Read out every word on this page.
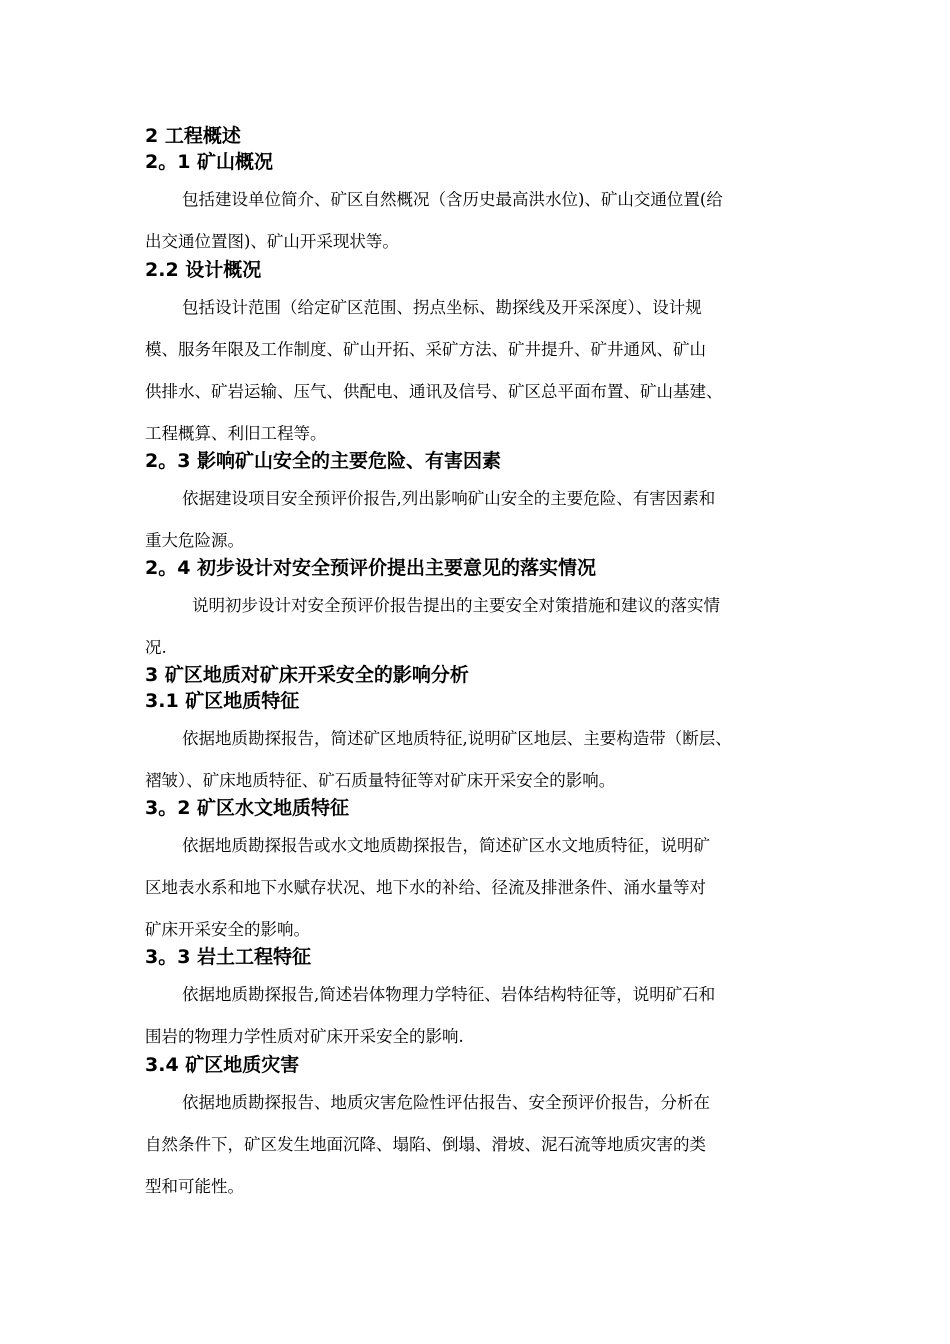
2 工程概述
2。1 矿山概况
包括建设单位简介、矿区自然概况（含历史最高洪水位)、矿山交通位置(给
出交通位置图)、矿山开采现状等。
2.2 设计概况
包括设计范围（给定矿区范围、拐点坐标、勘探线及开采深度）、设计规
模、服务年限及工作制度、矿山开拓、采矿方法、矿井提升、矿井通风、矿山
供排水、矿岩运输、压气、供配电、通讯及信号、矿区总平面布置、矿山基建、
工程概算、利旧工程等。
2。3 影响矿山安全的主要危险、有害因素
依据建设项目安全预评价报告,列出影响矿山安全的主要危险、有害因素和
重大危险源。
2。4 初步设计对安全预评价提出主要意见的落实情况
说明初步设计对安全预评价报告提出的主要安全对策措施和建议的落实情
况.
3 矿区地质对矿床开采安全的影响分析
3.1 矿区地质特征
依据地质勘探报告，简述矿区地质特征,说明矿区地层、主要构造带（断层、
褶皱）、矿床地质特征、矿石质量特征等对矿床开采安全的影响。
3。2 矿区水文地质特征
依据地质勘探报告或水文地质勘探报告，简述矿区水文地质特征，说明矿
区地表水系和地下水赋存状况、地下水的补给、径流及排泄条件、涌水量等对
矿床开采安全的影响。
3。3 岩土工程特征
依据地质勘探报告,简述岩体物理力学特征、岩体结构特征等，说明矿石和
围岩的物理力学性质对矿床开采安全的影响.
3.4 矿区地质灾害
依据地质勘探报告、地质灾害危险性评估报告、安全预评价报告，分析在
自然条件下，矿区发生地面沉降、塌陷、倒塌、滑坡、泥石流等地质灾害的类
型和可能性。
